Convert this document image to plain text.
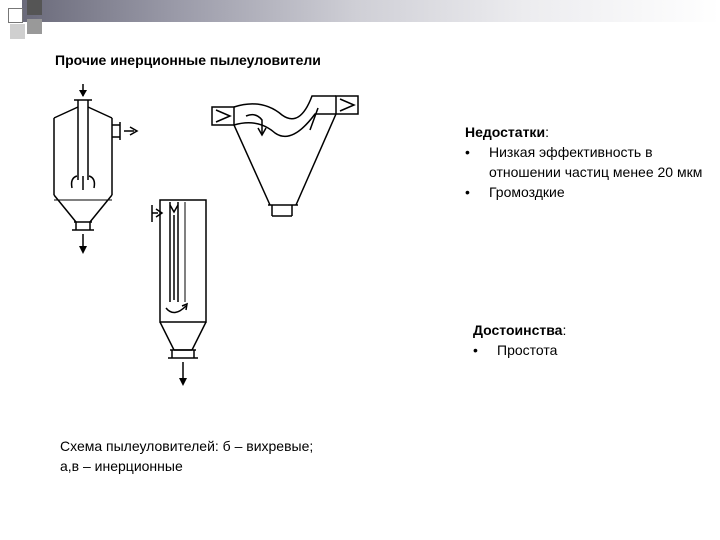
Прочие инерционные пылеуловители
Недостатки:
• Низкая эффективность в отношении частиц менее 20 мкм
• Громоздкие
Достоинства:
• Простота
Схема пылеуловителей: б – вихревые;
а,в – инерционные
